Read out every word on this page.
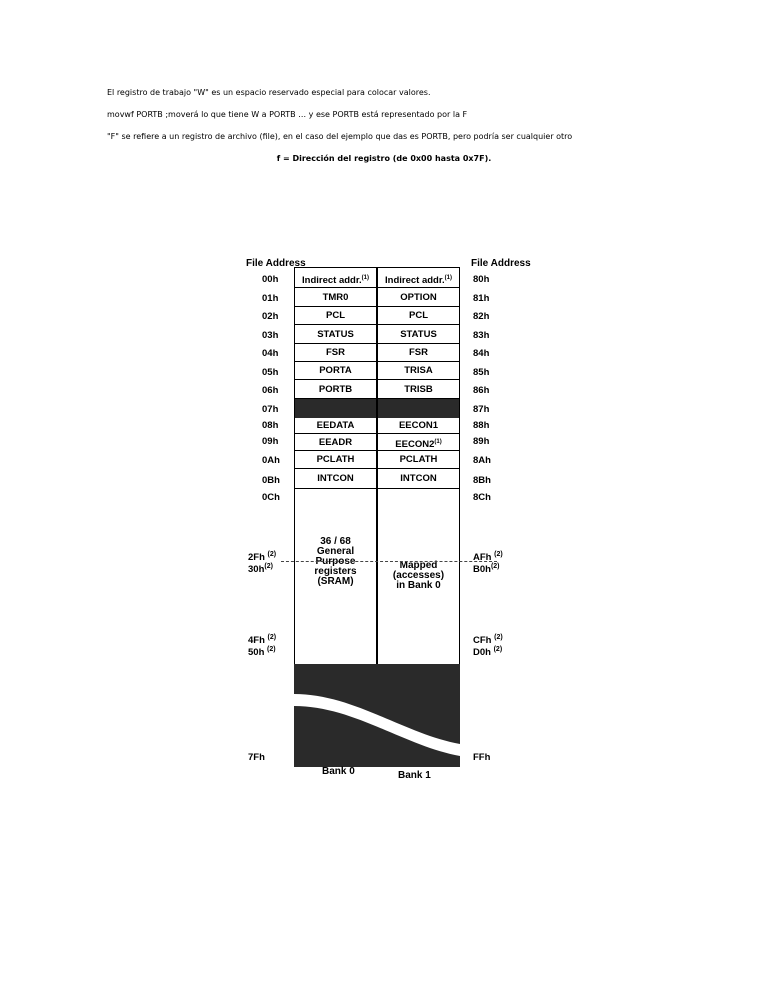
El registro de trabajo "W" es un espacio reservado especial para colocar valores.
movwf PORTB ;moverá lo que tiene W a PORTB … y ese PORTB está representado por la F
"F" se refiere a un registro de archivo (file), en el caso del ejemplo que das es PORTB, pero podría ser cualquier otro
f = Dirección del registro (de 0x00 hasta 0x7F).
File Address	File Address
Indirect addr.$^{(1)}$
TMR0
PCL
STATUS
FSR
PORTA
PORTB
EEDATA
EEADR
PCLATH
INTCON
36 / 68
General
Purpose
registers
(SRAM)
Indirect addr.$^{(1)}$
OPTION
PCL
STATUS
FSR
TRISA
TRISB
EECON1
EECON2$^{(1)}$
PCLATH
INTCON
Mapped
(accesses)
in Bank 0
00h
01h
02h
03h
04h
05h
06h
07h
08h
09h
0Ah
0Bh
0Ch
2Fh $^{(2)}$
$30h^{(2)}$
4Fh $^{(2)}$
50h $^{(2)}$
7Fh
80h
81h
82h
83h
84h
85h
86h
87h
88h
89h
8Ah
8Bh
8Ch
AFh $^{(2)}$
$B0h^{(2)}$
CFh $^{(2)}$
D0h $^{(2)}$
FFh
Bank 0	Bank 1
